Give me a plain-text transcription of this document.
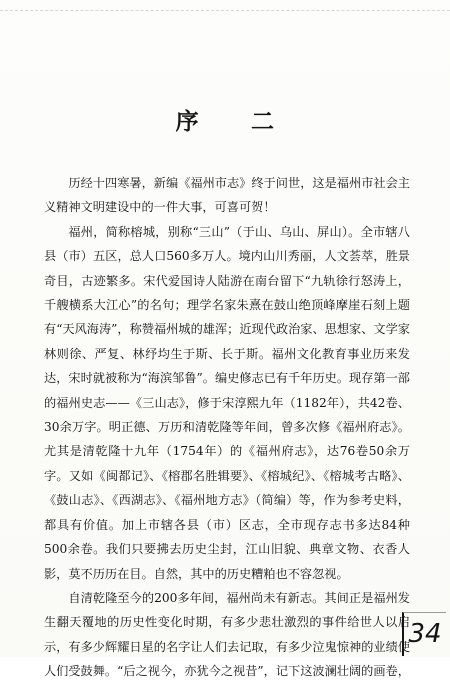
序 二

历经十四寒暑，新编《福州市志》终于问世，这是福州市社会主义精神文明建设中的一件大事，可喜可贺！

福州，简称榕城，别称“三山”（于山、乌山、屏山）。全市辖八县（市）五区，总人口560多万人。境内山川秀丽，人文荟萃，胜景奇目，古迹繁多。宋代爱国诗人陆游在南台留下“九轨徐行怒涛上，千艘横系大江心”的名句；理学名家朱熹在鼓山绝顶峰摩崖石刻上题有“天风海涛”，称赞福州城的雄浑；近现代政治家、思想家、文学家林则徐、严复、林纾均生于斯、长于斯。福州文化教育事业历来发达，宋时就被称为“海滨邹鲁”。编史修志已有千年历史。现存第一部的福州史志——《三山志》，修于宋淳熙九年（1182年），共42卷、30余万字。明正德、万历和清乾隆等年间，曾多次修《福州府志》。尤其是清乾隆十九年（1754年）的《福州府志》，达76卷50余万字。又如《闽都记》、《榕郡名胜辑要》、《榕城纪》、《榕城考古略》、《鼓山志》、《西湖志》、《福州地方志》（简编）等，作为参考史料，都具有价值。加上市辖各县（市）区志，全市现存志书多达84种500余卷。我们只要拂去历史尘封，江山旧貌、典章文物、衣香人影，莫不历历在目。自然，其中的历史糟粕也不容忽视。

自清乾隆至今的200多年间，福州尚未有新志。其间正是福州发生翻天覆地的历史性变化时期，有多少悲壮激烈的事件给世人以启示，有多少辉耀日星的名字让人们去记取，有多少泣鬼惊神的业绩使人们受鼓舞。“后之视今，亦犹今之视昔”，记下这波澜壮阔的画卷，

34
